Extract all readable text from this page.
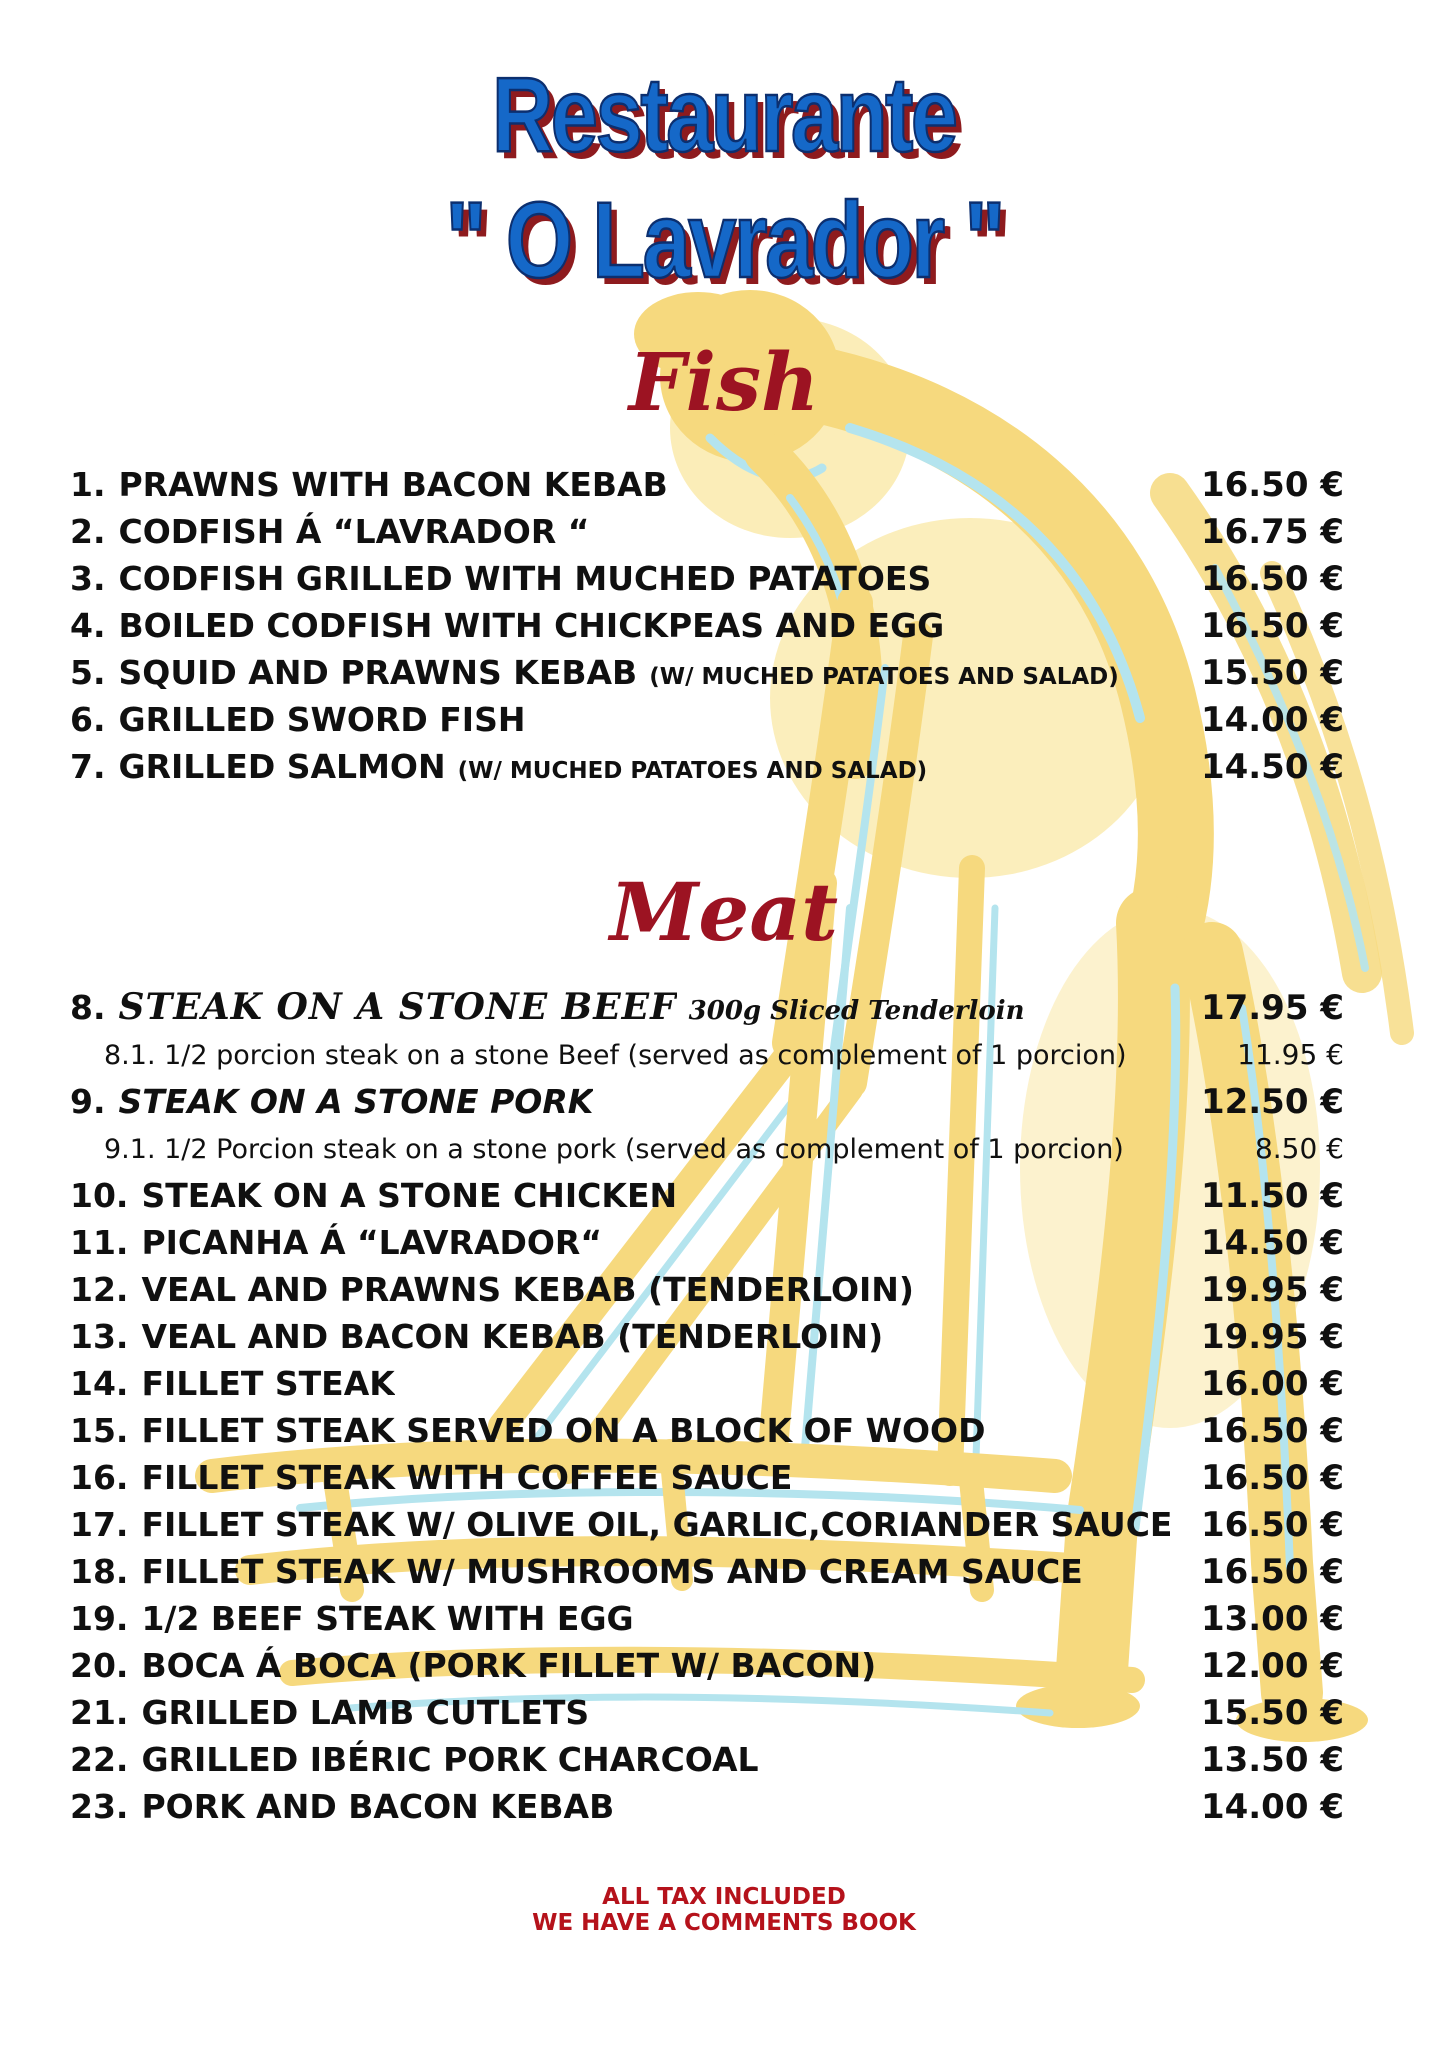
Restaurante
" O Lavrador "
Fish
1. PRAWNS WITH BACON KEBAB	16.50 €
2. CODFISH Á “LAVRADOR “	16.75 €
3. CODFISH GRILLED WITH MUCHED PATATOES	16.50 €
4. BOILED CODFISH WITH CHICKPEAS AND EGG	16.50 €
5. SQUID AND PRAWNS KEBAB (W/ MUCHED PATATOES AND SALAD) 15.50 €
6. GRILLED SWORD FISH	14.00 €
7. GRILLED SALMON (W/ MUCHED PATATOES AND SALAD)	14.50 €
Meat
8. STEAK ON A STONE BEEF 300g Sliced Tenderloin	17.95 €
8.1. 1/2 porcion steak on a stone Beef (served as complement of 1 porcion)	11.95 €
9. STEAK ON A STONE PORK	12.50 €
9.1. 1/2 Porcion steak on a stone pork (served as complement of 1 porcion)	8.50 €
10. STEAK ON A STONE CHICKEN	11.50 €
11. PICANHA Á “LAVRADOR“	14.50 €
12. VEAL AND PRAWNS KEBAB (TENDERLOIN)	19.95 €
13. VEAL AND BACON KEBAB (TENDERLOIN)	19.95 €
14. FILLET STEAK	16.00 €
15. FILLET STEAK SERVED ON A BLOCK OF WOOD	16.50 €
16. FILLET STEAK WITH COFFEE SAUCE	16.50 €
17. FILLET STEAK W/ OLIVE OIL, GARLIC,CORIANDER SAUCE 16.50 €
18. FILLET STEAK W/ MUSHROOMS AND CREAM SAUCE	16.50 €
19. 1/2 BEEF STEAK WITH EGG	13.00 €
20. BOCA Á BOCA (PORK FILLET W/ BACON)	12.00 €
21. GRILLED LAMB CUTLETS	15.50 €
22. GRILLED IBÉRIC PORK CHARCOAL	13.50 €
23. PORK AND BACON KEBAB	14.00 €
ALL TAX INCLUDED
WE HAVE A COMMENTS BOOK
